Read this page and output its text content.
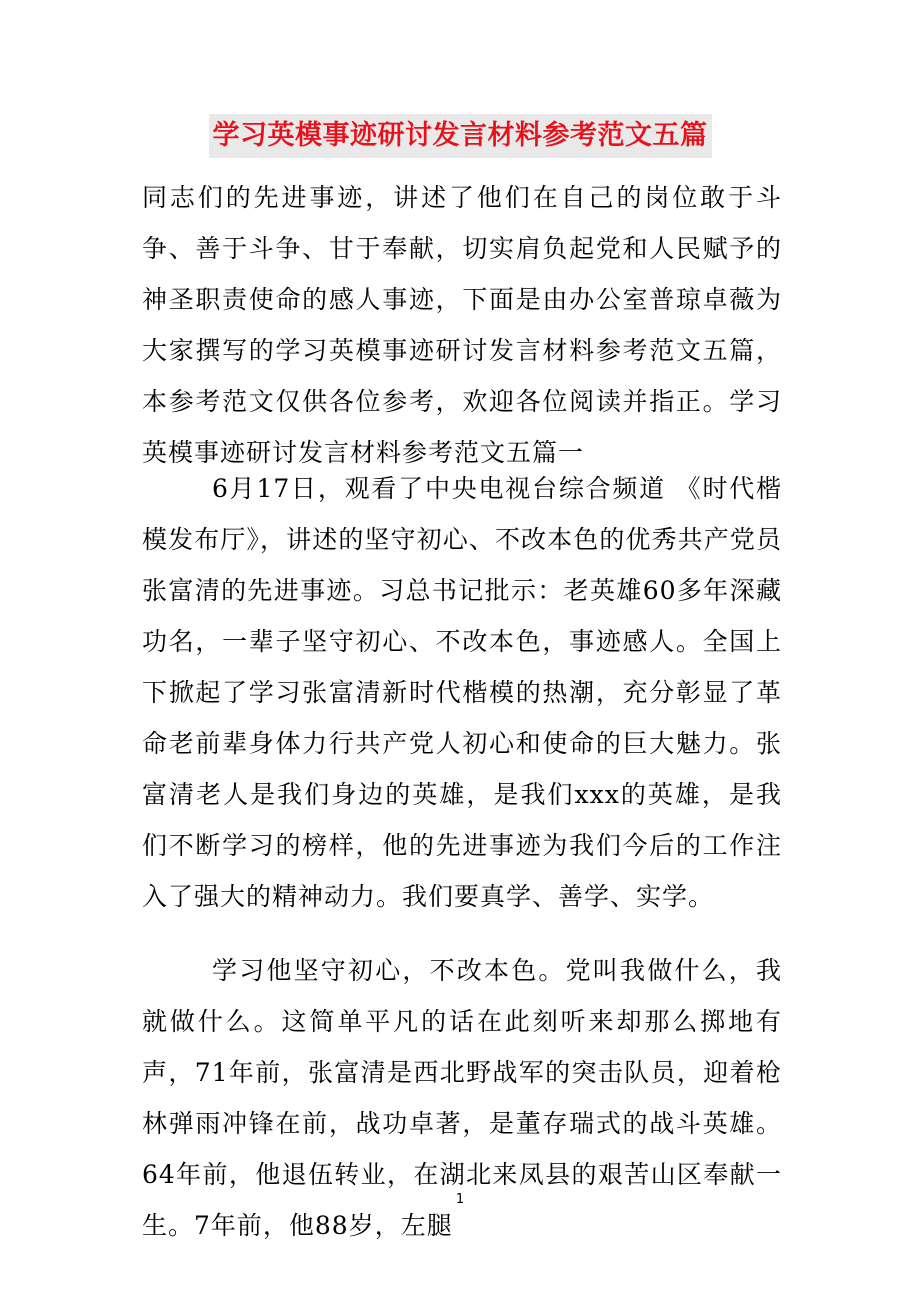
学习英模事迹研讨发言材料参考范文五篇
同志们的先进事迹，讲述了他们在自己的岗位敢于斗争、善于斗争、甘于奉献，切实肩负起党和人民赋予的神圣职责使命的感人事迹，下面是由办公室普琼卓薇为大家撰写的学习英模事迹研讨发言材料参考范文五篇，本参考范文仅供各位参考，欢迎各位阅读并指正。学习英模事迹研讨发言材料参考范文五篇一
6月17日，观看了中央电视台综合频道 《时代楷模发布厅》，讲述的坚守初心、不改本色的优秀共产党员张富清的先进事迹。习总书记批示：老英雄60多年深藏功名，一辈子坚守初心、不改本色，事迹感人。全国上下掀起了学习张富清新时代楷模的热潮，充分彰显了革命老前辈身体力行共产党人初心和使命的巨大魅力。张富清老人是我们身边的英雄，是我们xxx的英雄，是我们不断学习的榜样，他的先进事迹为我们今后的工作注入了强大的精神动力。我们要真学、善学、实学。
学习他坚守初心，不改本色。党叫我做什么，我就做什么。这简单平凡的话在此刻听来却那么掷地有声，71年前，张富清是西北野战军的突击队员，迎着枪林弹雨冲锋在前，战功卓著，是董存瑞式的战斗英雄。64年前，他退伍转业，在湖北来凤县的艰苦山区奉献一生。7年前，他88岁，左腿
1
